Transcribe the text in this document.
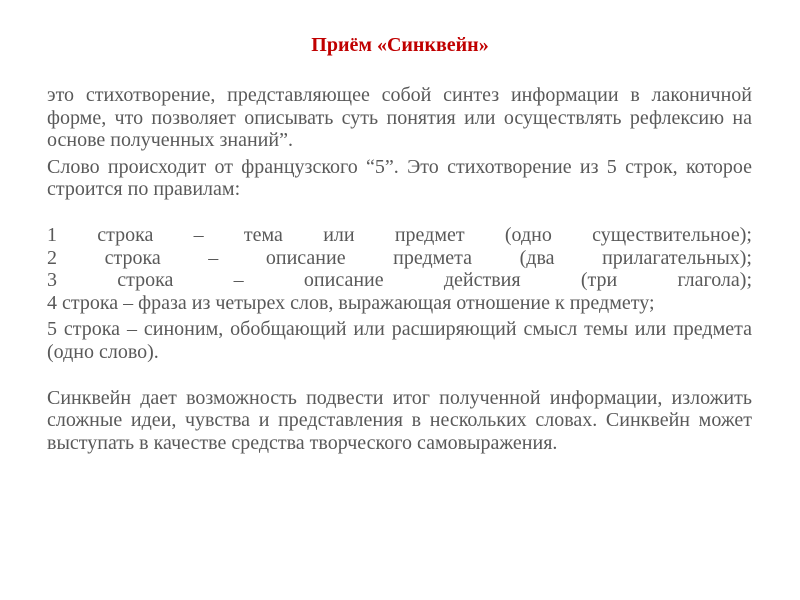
Приём «Синквейн»

это стихотворение, представляющее собой синтез информации в лаконичной форме, что позволяет описывать суть понятия или осуществлять рефлексию на основе полученных знаний”.

Слово происходит от французского “5”. Это стихотворение из 5 строк, которое строится по правилам:

1 строка – тема или предмет (одно существительное);

2 строка – описание предмета (два прилагательных);

3 строка – описание действия (три глагола);

4 строка – фраза из четырех слов, выражающая отношение к предмету;

5 строка – синоним, обобщающий или расширяющий смысл темы или предмета (одно слово).

Синквейн дает возможность подвести итог полученной информации, изложить сложные идеи, чувства и представления в нескольких словах. Синквейн может выступать в качестве средства творческого самовыражения.
